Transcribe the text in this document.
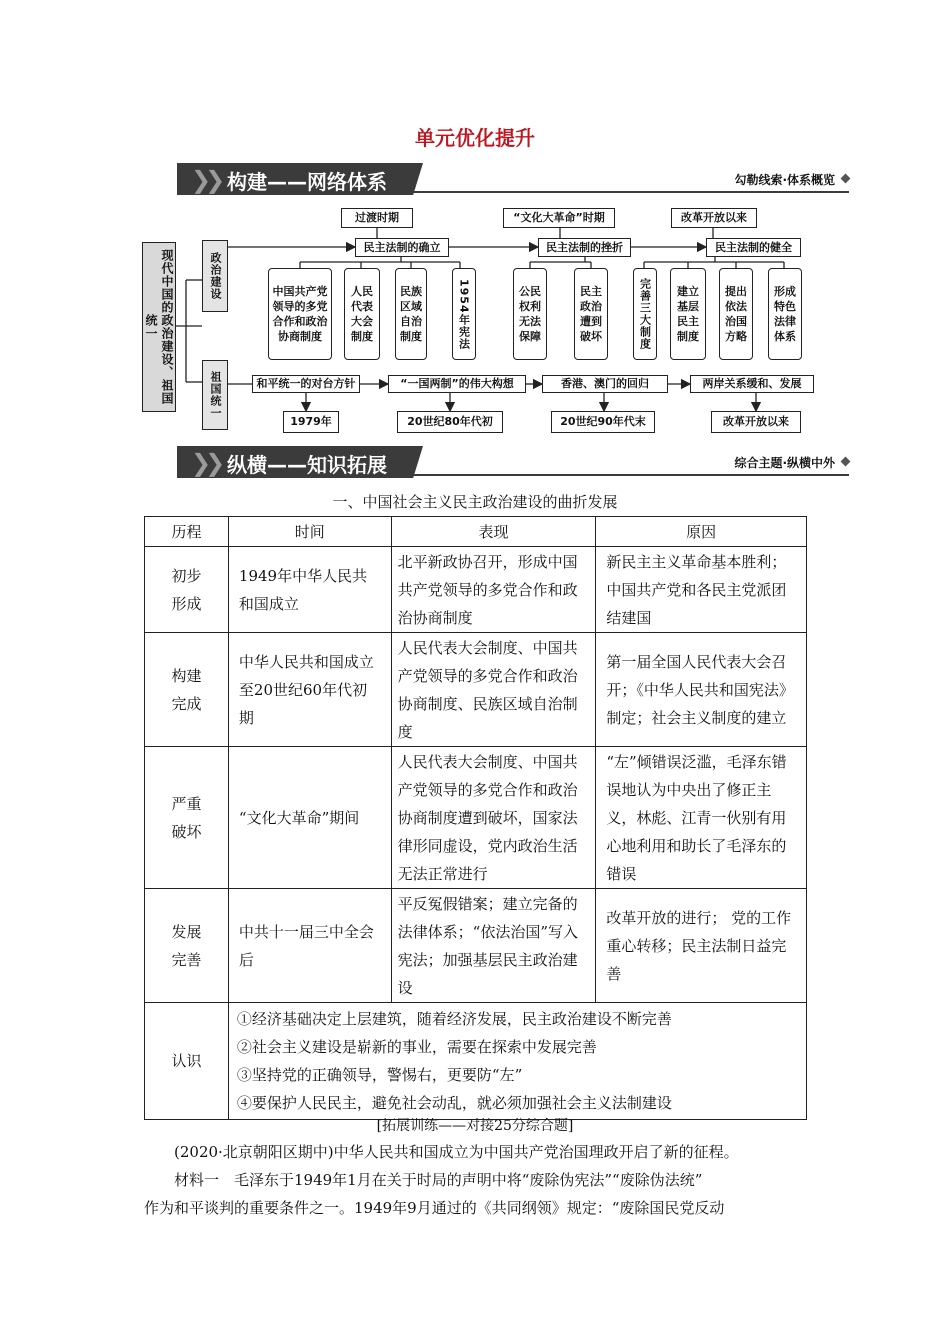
单元优化提升
❯❯ 构建——网络体系	勾勒线索·体系概览
现代中国的政治建设、祖国统一
政治建设
祖国统一
过渡时期	“文化大革命”时期	改革开放以来
民主法制的确立	民主法制的挫折	民主法制的健全
中国共产党领导的多党合作和政治协商制度
人民代表大会制度
民族区域自治制度	1954年宪法	公民权利无法保障
民主政治遭到破坏	完善三大制度	建立基层民主制度
提出依法治国方略
形成特色法律体系
和平统一的对台方针	“一国两制”的伟大构想	香港、澳门的回归	两岸关系缓和、发展
1979年	20世纪80年代初	20世纪90年代末	改革开放以来
❯❯ 纵横——知识拓展	综合主题·纵横中外
一、中国社会主义民主政治建设的曲折发展
历程	时间	表现	原因
初步形成	1949年中华人民共和国成立	北平新政协召开，形成中国共产党领导的多党合作和政治协商制度	新民主主义革命基本胜利；中国共产党和各民主党派团结建国
构建完成	中华人民共和国成立至20世纪60年代初期	人民代表大会制度、中国共产党领导的多党合作和政治协商制度、民族区域自治制度	第一届全国人民代表大会召开；《中华人民共和国宪法》制定；社会主义制度的建立
严重破坏	“文化大革命”期间	人民代表大会制度、中国共产党领导的多党合作和政治协商制度遭到破坏，国家法律形同虚设，党内政治生活无法正常进行	“左”倾错误泛滥，毛泽东错误地认为中央出了修正主义，林彪、江青一伙别有用心地利用和助长了毛泽东的错误
发展完善	中共十一届三中全会后	平反冤假错案；建立完备的法律体系；“依法治国”写入宪法；加强基层民主政治建设	改革开放的进行； 党的工作重心转移；民主法制日益完善
认识	①经济基础决定上层建筑，随着经济发展，民主政治建设不断完善
②社会主义建设是崭新的事业，需要在探索中发展完善
③坚持党的正确领导，警惕右，更要防“左”
④要保护人民民主，避免社会动乱，就必须加强社会主义法制建设		
[拓展训练——对接25分综合题]
(2020·北京朝阳区期中)中华人民共和国成立为中国共产党治国理政开启了新的征程。
材料一　毛泽东于1949年1月在关于时局的声明中将“废除伪宪法”“废除伪法统”
作为和平谈判的重要条件之一。1949年9月通过的《共同纲领》规定：“废除国民党反动
